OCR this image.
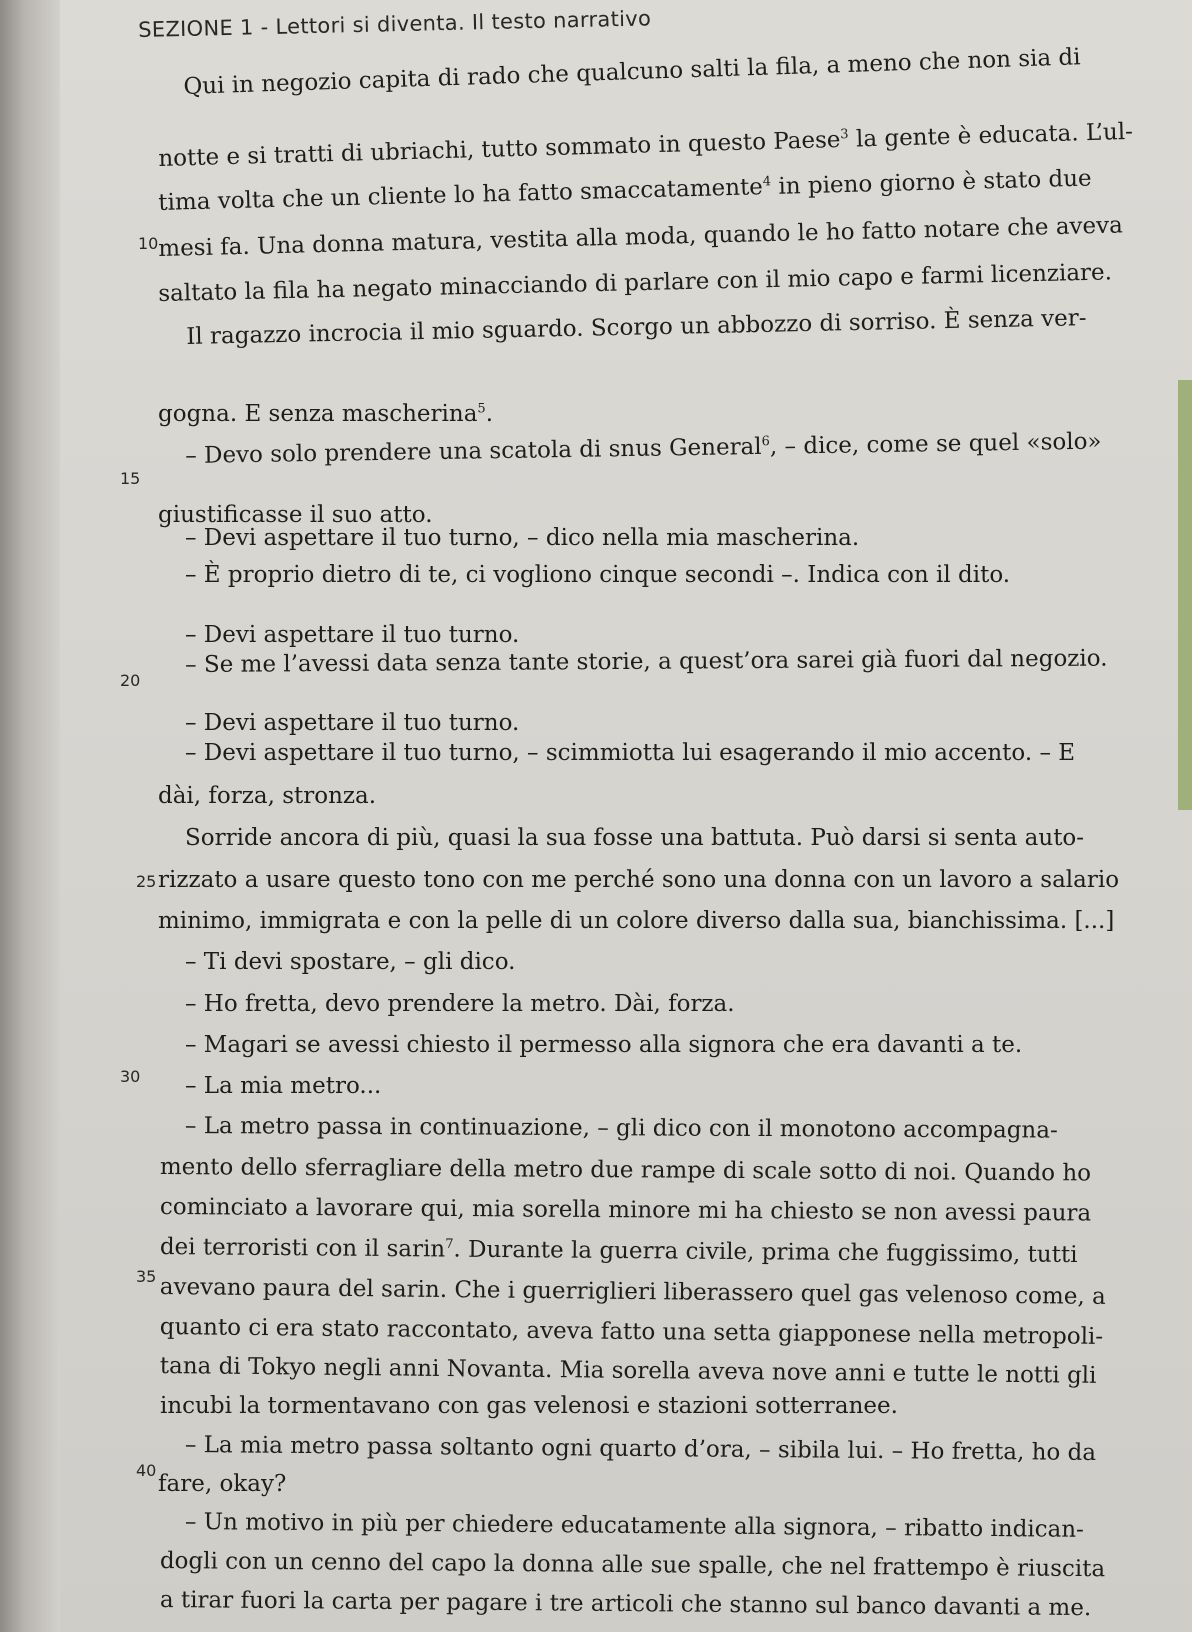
SEZIONE 1 - Lettori si diventa. Il testo narrativo
Qui in negozio capita di rado che qualcuno salti la fila, a meno che non sia di
notte e si tratti di ubriachi, tutto sommato in questo Paese$^3$ la gente è educata. L’ul-
tima volta che un cliente lo ha fatto smaccatamente$^4$ in pieno giorno è stato due
mesi fa. Una donna matura, vestita alla moda, quando le ho fatto notare che aveva
saltato la fila ha negato minacciando di parlare con il mio capo e farmi licenziare.
Il ragazzo incrocia il mio sguardo. Scorgo un abbozzo di sorriso. È senza ver-
gogna. E senza mascherina$^5$.
– Devo solo prendere una scatola di snus General$^6$, – dice, come se quel «solo»
giustificasse il suo atto.
– Devi aspettare il tuo turno, – dico nella mia mascherina.
– È proprio dietro di te, ci vogliono cinque secondi –. Indica con il dito.
– Devi aspettare il tuo turno.
– Se me l’avessi data senza tante storie, a quest’ora sarei già fuori dal negozio.
– Devi aspettare il tuo turno.
– Devi aspettare il tuo turno, – scimmiotta lui esagerando il mio accento. – E
dài, forza, stronza.
Sorride ancora di più, quasi la sua fosse una battuta. Può darsi si senta auto-
rizzato a usare questo tono con me perché sono una donna con un lavoro a salario
minimo, immigrata e con la pelle di un colore diverso dalla sua, bianchissima. [...]
– Ti devi spostare, – gli dico.
– Ho fretta, devo prendere la metro. Dài, forza.
– Magari se avessi chiesto il permesso alla signora che era davanti a te.
– La mia metro...
– La metro passa in continuazione, – gli dico con il monotono accompagna-
mento dello sferragliare della metro due rampe di scale sotto di noi. Quando ho
cominciato a lavorare qui, mia sorella minore mi ha chiesto se non avessi paura
dei terroristi con il sarin$^7$. Durante la guerra civile, prima che fuggissimo, tutti
avevano paura del sarin. Che i guerriglieri liberassero quel gas velenoso come, a
quanto ci era stato raccontato, aveva fatto una setta giapponese nella metropoli-
tana di Tokyo negli anni Novanta. Mia sorella aveva nove anni e tutte le notti gli
incubi la tormentavano con gas velenosi e stazioni sotterranee.
– La mia metro passa soltanto ogni quarto d’ora, – sibila lui. – Ho fretta, ho da
fare, okay?
– Un motivo in più per chiedere educatamente alla signora, – ribatto indican-
dogli con un cenno del capo la donna alle sue spalle, che nel frattempo è riuscita
a tirar fuori la carta per pagare i tre articoli che stanno sul banco davanti a me.
10
15
20
25
30
35
40
